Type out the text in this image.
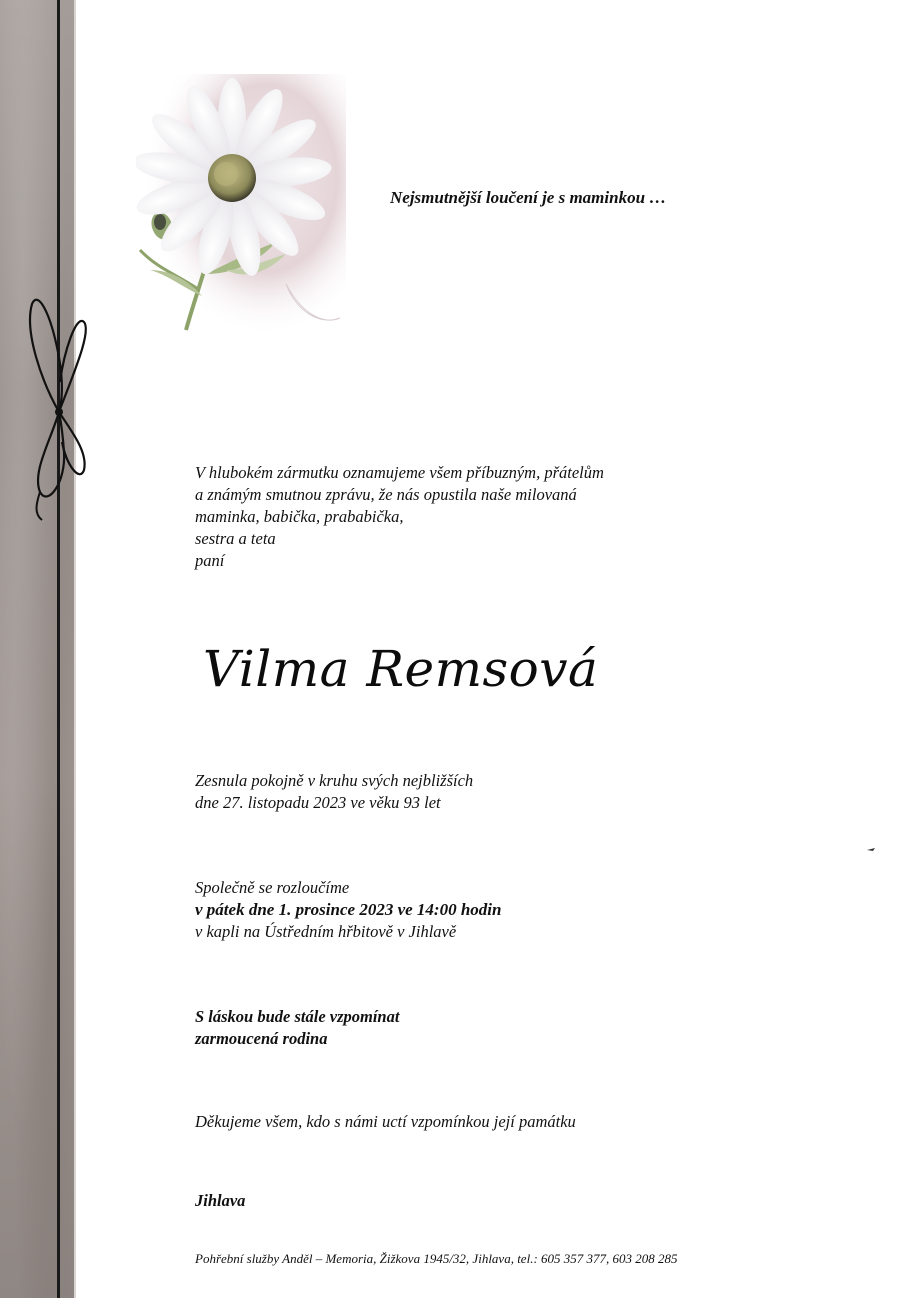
Nejsmutnější loučení je s maminkou …
V hlubokém zármutku oznamujeme všem příbuzným, přátelům
a známým smutnou zprávu, že nás opustila naše milovaná
maminka, babička, prababička,
sestra a teta
paní
Vilma Remsová
Zesnula pokojně v kruhu svých nejbližších
dne 27. listopadu 2023 ve věku 93 let
Společně se rozloučíme
v pátek dne 1. prosince 2023 ve 14:00 hodin
v kapli na Ústředním hřbitově v Jihlavě
S láskou bude stále vzpomínat
zarmoucená rodina
Děkujeme všem, kdo s námi uctí vzpomínkou její památku
Jihlava
Pohřební služby Anděl – Memoria, Žižkova 1945/32, Jihlava, tel.: 605 357 377, 603 208 285
